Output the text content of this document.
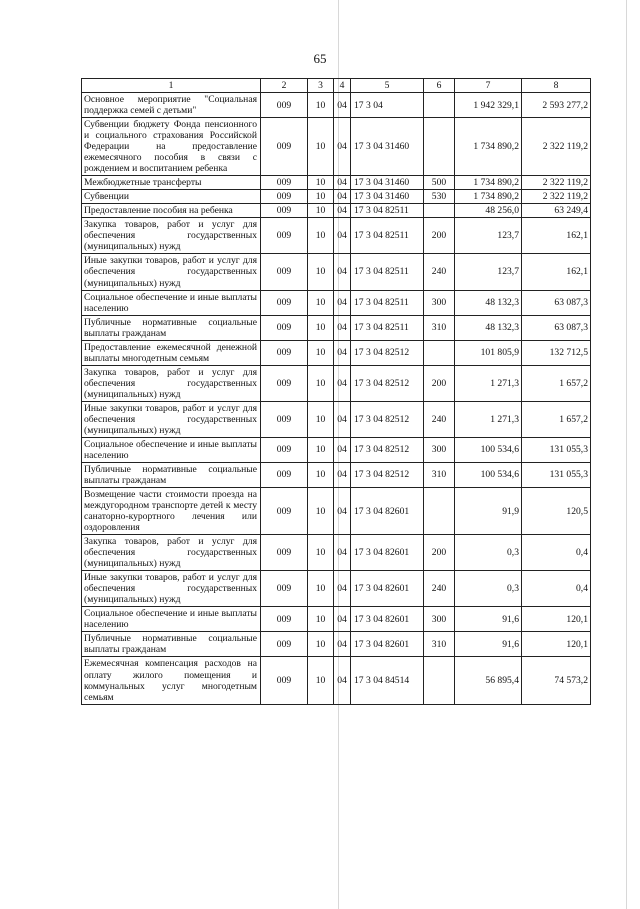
65
1	2	3	4	5	6	7	8
Основное мероприятие "Социальная поддержка семей с детьми"	009	10	04	17 3 04		1 942 329,1	2 593 277,2
Субвенции бюджету Фонда пенсионного и социального страхования Российской Федерации на предоставление ежемесячного пособия в связи с рождением и воспитанием ребенка	009	10	04	17 3 04 31460		1 734 890,2	2 322 119,2
Межбюджетные трансферты	009	10	04	17 3 04 31460	500	1 734 890,2	2 322 119,2
Субвенции	009	10	04	17 3 04 31460	530	1 734 890,2	2 322 119,2
Предоставление пособия на ребенка	009	10	04	17 3 04 82511		48 256,0	63 249,4
Закупка товаров, работ и услуг для обеспечения государственных (муниципальных) нужд	009	10	04	17 3 04 82511	200	123,7	162,1
Иные закупки товаров, работ и услуг для обеспечения государственных (муниципальных) нужд	009	10	04	17 3 04 82511	240	123,7	162,1
Социальное обеспечение и иные выплаты населению	009	10	04	17 3 04 82511	300	48 132,3	63 087,3
Публичные нормативные социальные выплаты гражданам	009	10	04	17 3 04 82511	310	48 132,3	63 087,3
Предоставление ежемесячной денежной выплаты многодетным семьям	009	10	04	17 3 04 82512		101 805,9	132 712,5
Закупка товаров, работ и услуг для обеспечения государственных (муниципальных) нужд	009	10	04	17 3 04 82512	200	1 271,3	1 657,2
Иные закупки товаров, работ и услуг для обеспечения государственных (муниципальных) нужд	009	10	04	17 3 04 82512	240	1 271,3	1 657,2
Социальное обеспечение и иные выплаты населению	009	10	04	17 3 04 82512	300	100 534,6	131 055,3
Публичные нормативные социальные выплаты гражданам	009	10	04	17 3 04 82512	310	100 534,6	131 055,3
Возмещение части стоимости проезда на междугородном транспорте детей к месту санаторно-курортного лечения или оздоровления	009	10	04	17 3 04 82601		91,9	120,5
Закупка товаров, работ и услуг для обеспечения государственных (муниципальных) нужд	009	10	04	17 3 04 82601	200	0,3	0,4
Иные закупки товаров, работ и услуг для обеспечения государственных (муниципальных) нужд	009	10	04	17 3 04 82601	240	0,3	0,4
Социальное обеспечение и иные выплаты населению	009	10	04	17 3 04 82601	300	91,6	120,1
Публичные нормативные социальные выплаты гражданам	009	10	04	17 3 04 82601	310	91,6	120,1
Ежемесячная компенсация расходов на оплату жилого помещения и коммунальных услуг многодетным семьям	009	10	04	17 3 04 84514		56 895,4	74 573,2
